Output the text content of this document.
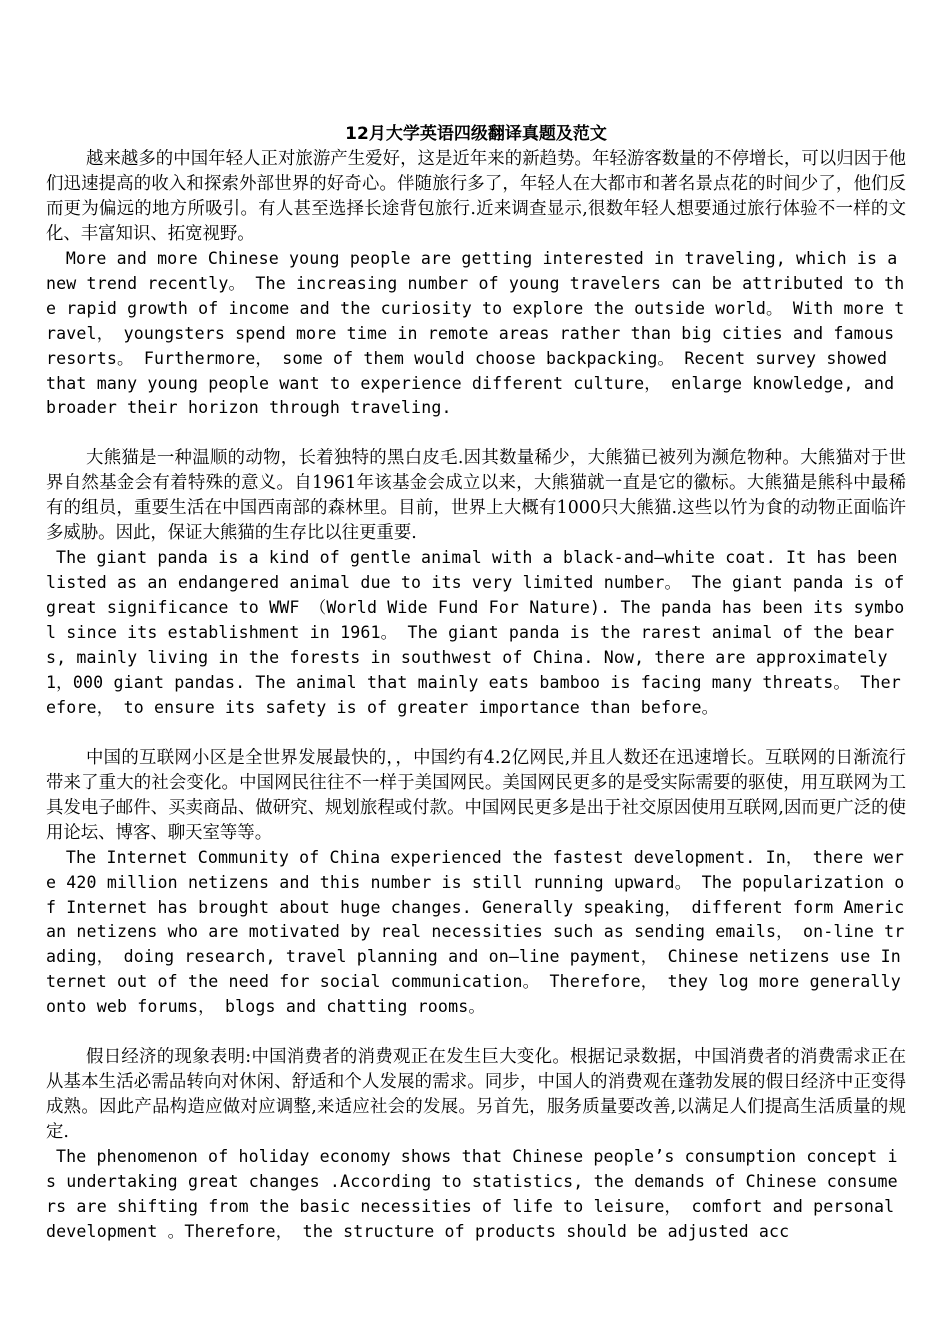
12月大学英语四级翻译真题及范文

越来越多的中国年轻人正对旅游产生爱好，这是近年来的新趋势。年轻游客数量的不停增长，可以归因于他们迅速提高的收入和探索外部世界的好奇心。伴随旅行多了，年轻人在大都市和著名景点花的时间少了，他们反而更为偏远的地方所吸引。有人甚至选择长途背包旅行.近来调查显示,很数年轻人想要通过旅行体验不一样的文化、丰富知识、拓宽视野。

More and more Chinese young people are getting interested in traveling, which is a new trend recently。 The increasing number of young travelers can be attributed to the rapid growth of income and the curiosity to explore the outside world。 With more travel， youngsters spend more time in remote areas rather than big cities and famous resorts。 Furthermore， some of them would choose backpacking。 Recent survey showed that many young people want to experience different culture， enlarge knowledge, and broader their horizon through traveling.

大熊猫是一种温顺的动物，长着独特的黑白皮毛.因其数量稀少，大熊猫已被列为濒危物种。大熊猫对于世界自然基金会有着特殊的意义。自1961年该基金会成立以来，大熊猫就一直是它的徽标。大熊猫是熊科中最稀有的组员，重要生活在中国西南部的森林里。目前，世界上大概有1000只大熊猫.这些以竹为食的动物正面临许多威胁。因此，保证大熊猫的生存比以往更重要.

The giant panda is a kind of gentle animal with a black-and—white coat. It has been listed as an endangered animal due to its very limited number。 The giant panda is of great significance to WWF （World Wide Fund For Nature). The panda has been its symbol since its establishment in 1961。 The giant panda is the rarest animal of the bears, mainly living in the forests in southwest of China. Now, there are approximately 1，000 giant pandas. The animal that mainly eats bamboo is facing many threats。 Therefore， to ensure its safety is of greater importance than before。

中国的互联网小区是全世界发展最快的，，中国约有4.2亿网民,并且人数还在迅速增长。互联网的日渐流行带来了重大的社会变化。中国网民往往不一样于美国网民。美国网民更多的是受实际需要的驱使，用互联网为工具发电子邮件、买卖商品、做研究、规划旅程或付款。中国网民更多是出于社交原因使用互联网,因而更广泛的使用论坛、博客、聊天室等等。

The Internet Community of China experienced the fastest development. In， there were 420 million netizens and this number is still running upward。 The popularization of Internet has brought about huge changes. Generally speaking， different form American netizens who are motivated by real necessities such as sending emails， on-line trading， doing research, travel planning and on—line payment， Chinese netizens use Internet out of the need for social communication。 Therefore， they log more generally onto web forums， blogs and chatting rooms。

假日经济的现象表明:中国消费者的消费观正在发生巨大变化。根据记录数据，中国消费者的消费需求正在从基本生活必需品转向对休闲、舒适和个人发展的需求。同步，中国人的消费观在蓬勃发展的假日经济中正变得成熟。因此产品构造应做对应调整,来适应社会的发展。另首先，服务质量要改善,以满足人们提高生活质量的规定.

The phenomenon of holiday economy shows that Chinese people’s consumption concept is undertaking great changes .According to statistics, the demands of Chinese consumers are shifting from the basic necessities of life to leisure， comfort and personal development 。Therefore， the structure of products should be adjusted acc
